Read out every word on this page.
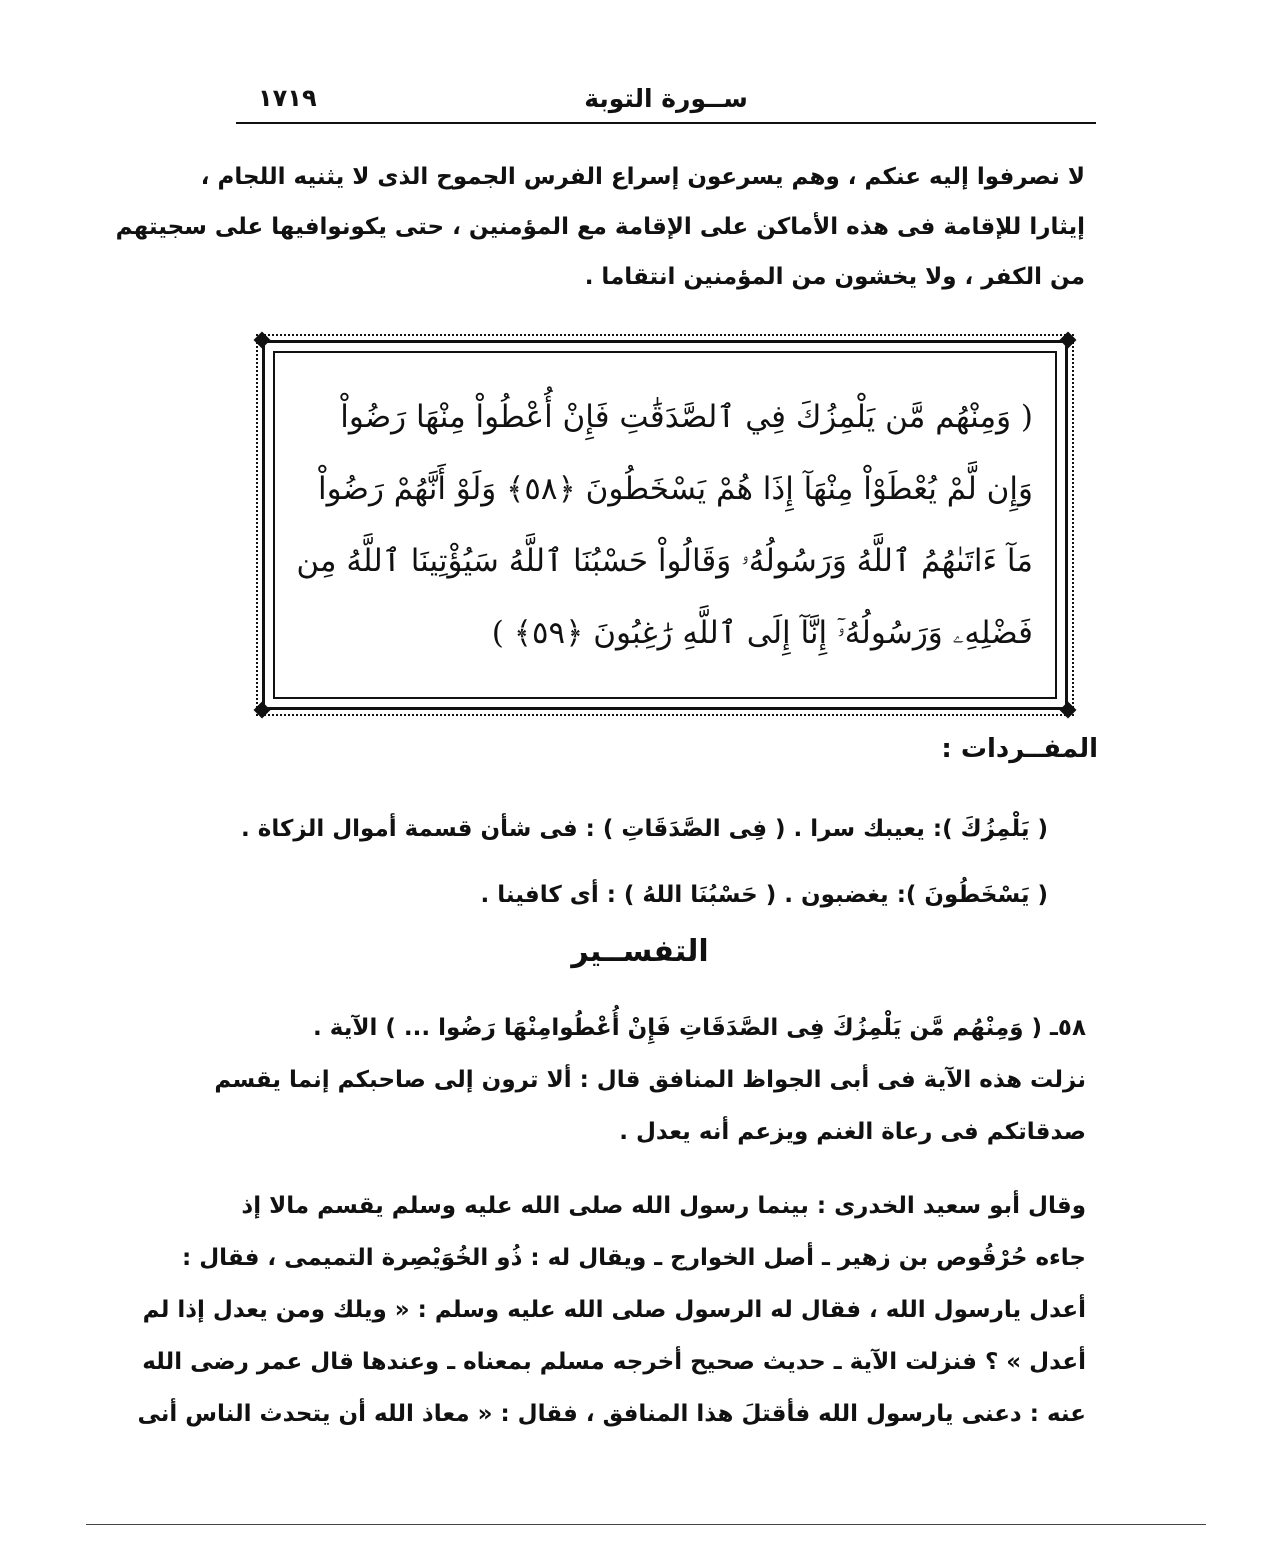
ســورة التوبة
١٧١٩

لا نصرفوا إليه عنكم ، وهم يسرعون إسراع الفرس الجموح الذى لا يثنيه اللجام ،

إيثارا للإقامة فى هذه الأماكن على الإقامة مع المؤمنين ، حتى يكونوافيها على سجيتهم

من الكفر ، ولا يخشون من المؤمنين انتقاما .

( وَمِنْهُم مَّن يَلْمِزُكَ فِي ٱلصَّدَقَٰتِ فَإِنْ أُعْطُواْ مِنْهَا رَضُواْ

وَإِن لَّمْ يُعْطَوْاْ مِنْهَآ إِذَا هُمْ يَسْخَطُونَ ﴿٥٨﴾ وَلَوْ أَنَّهُمْ رَضُواْ

مَآ ءَاتَىٰهُمُ ٱللَّهُ وَرَسُولُهُۥ وَقَالُواْ حَسْبُنَا ٱللَّهُ سَيُؤْتِينَا ٱللَّهُ مِن

فَضْلِهِۦ وَرَسُولُهُۥٓ إِنَّآ إِلَى ٱللَّهِ رَٰغِبُونَ ﴿٥٩﴾ )

المفــردات :

( يَلْمِزُكَ ): يعيبك سرا . ( فِى الصَّدَقَاتِ ) : فى شأن قسمة أموال الزكاة .

( يَسْخَطُونَ ): يغضبون . ( حَسْبُنَا اللهُ ) : أى كافينا .

التفســير

٥٨ـ ( وَمِنْهُم مَّن يَلْمِزُكَ فِى الصَّدَقَاتِ فَإِنْ أُعْطُوامِنْهَا رَضُوا ... ) الآية .

نزلت هذه الآية فى أبى الجواظ المنافق قال : ألا ترون إلى صاحبكم إنما يقسم

صدقاتكم فى رعاة الغنم ويزعم أنه يعدل .

وقال أبو سعيد الخدرى : بينما رسول الله صلى الله عليه وسلم يقسم مالا إذ

جاءه حُرْقُوص بن زهير ـ أصل الخوارج ـ ويقال له : ذُو الخُوَيْصِرة التميمى ، فقال :

أعدل يارسول الله ، فقال له الرسول صلى الله عليه وسلم : « ويلك ومن يعدل إذا لم

أعدل » ؟ فنزلت الآية ـ حديث صحيح أخرجه مسلم بمعناه ـ وعندها قال عمر رضى الله

عنه : دعنى يارسول الله فأقتلَ هذا المنافق ، فقال : « معاذ الله أن يتحدث الناس أنى
